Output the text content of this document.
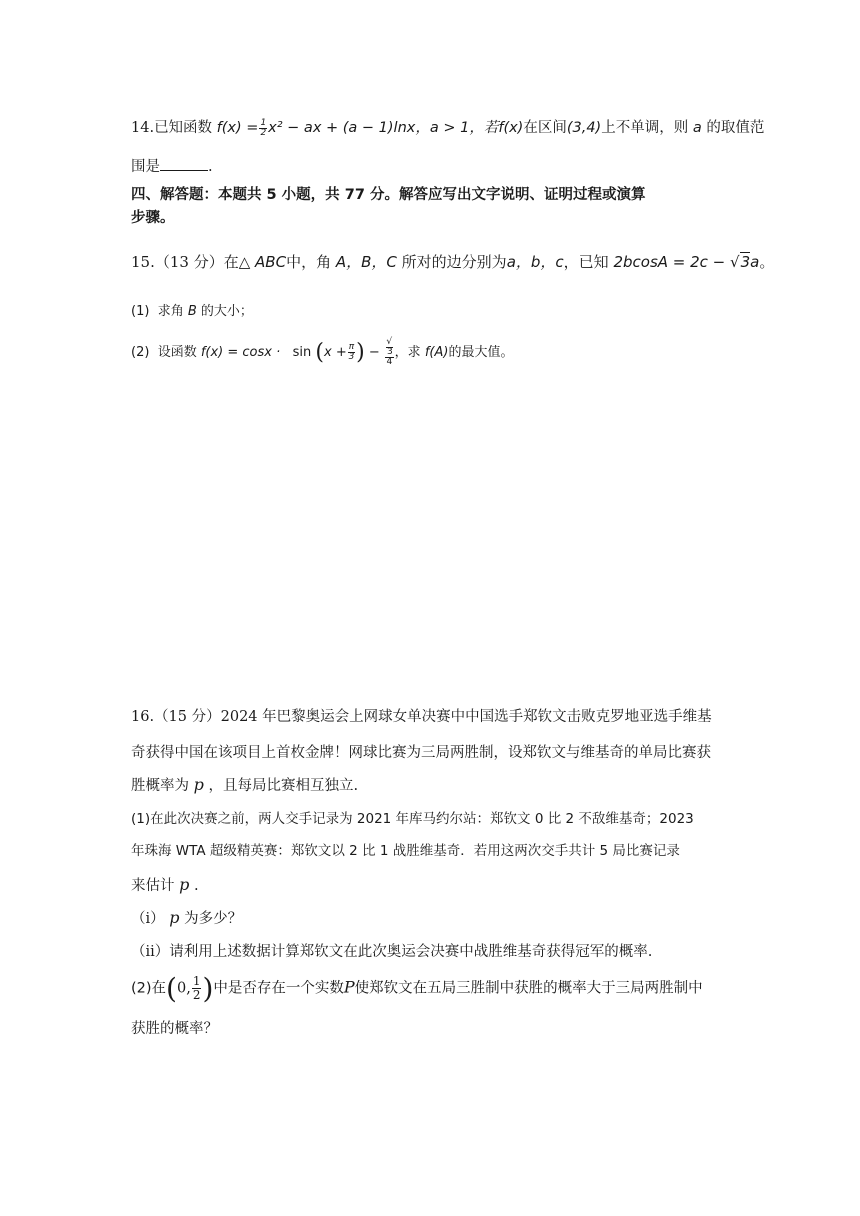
14.已知函数 $f(x) = \frac{1}{2} x^2$ − ax + (a − 1)lnx，a > 1，若f(x)在区间(3,4)上不单调，则 a 的取值范
围是	.
四、解答题：本题共 5 小题，共 77 分。解答应写出文字说明、证明过程或演算
步骤。
15.（13 分）在△ ABC中，角 A，B，C 所对的边分别为a，b，c，已知 2bcosA = 2c − √3a。
(1) 求角 B 的大小；
(2) 设函数 $f(x) = \cos x \cdot \sin (x + \frac{\pi}{3}$ ) − √
3
4 ，求 f(A)的最大值。
16.（15 分）2024 年巴黎奥运会上网球女单决赛中中国选手郑钦文击败克罗地亚选手维基
奇获得中国在该项目上首枚金牌！网球比赛为三局两胜制，设郑钦文与维基奇的单局比赛获
胜概率为 p ，且每局比赛相互独立.
(1)在此次决赛之前，两人交手记录为 2021 年库马约尔站：郑钦文 0 比 2 不敌维基奇；2023
年珠海 WTA 超级精英赛：郑钦文以 2 比 1 战胜维基奇．若用这两次交手共计 5 局比赛记录
来估计 p .
（i） p 为多少？
（ii）请利用上述数据计算郑钦文在此次奥运会决赛中战胜维基奇获得冠军的概率.
(2)在(0, $\frac{1}{2}$ )中是否存在一个实数P使郑钦文在五局三胜制中获胜的概率大于三局两胜制中
获胜的概率？
